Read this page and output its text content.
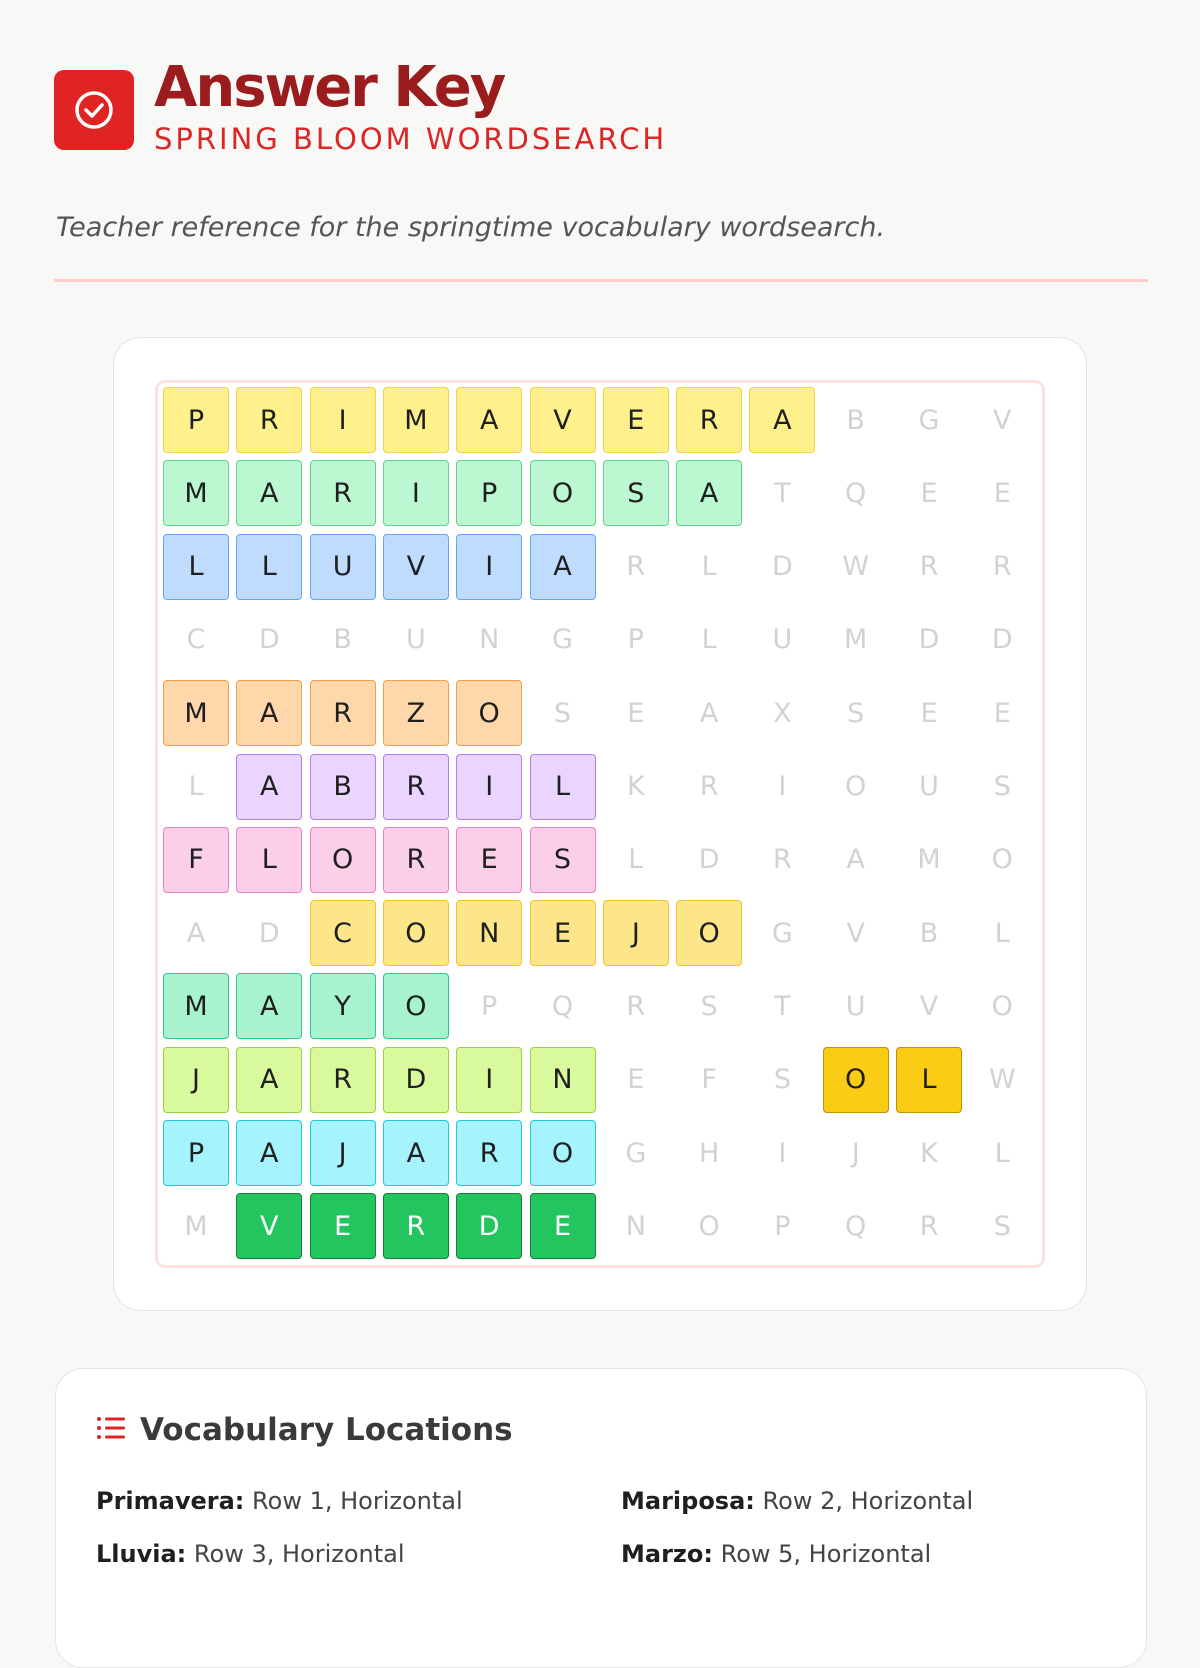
Answer Key
SPRING BLOOM WORDSEARCH
Teacher reference for the springtime vocabulary wordsearch.
P	R	I	M	A	V	E	R	A	B	G	V
M	A	R	I	P	O	S	A	T	Q	E	E
L	L	U	V	I	A	R	L	D	W	R	R
C	D	B	U	N	G	P	L	U	M	D	D
M	A	R	Z	O	S	E	A	X	S	E	E
L	A	B	R	I	L	K	R	I	O	U	S
F	L	O	R	E	S	L	D	R	A	M	O
A	D	C	O	N	E	J	O	G	V	B	L
M	A	Y	O	P	Q	R	S	T	U	V	O
J	A	R	D	I	N	E	F	S	O	L	W
P	A	J	A	R	O	G	H	I	J	K	L
M	V	E	R	D	E	N	O	P	Q	R	S
Vocabulary Locations
Primavera: Row 1, Horizontal	Mariposa: Row 2, Horizontal
Lluvia: Row 3, Horizontal	Marzo: Row 5, Horizontal
